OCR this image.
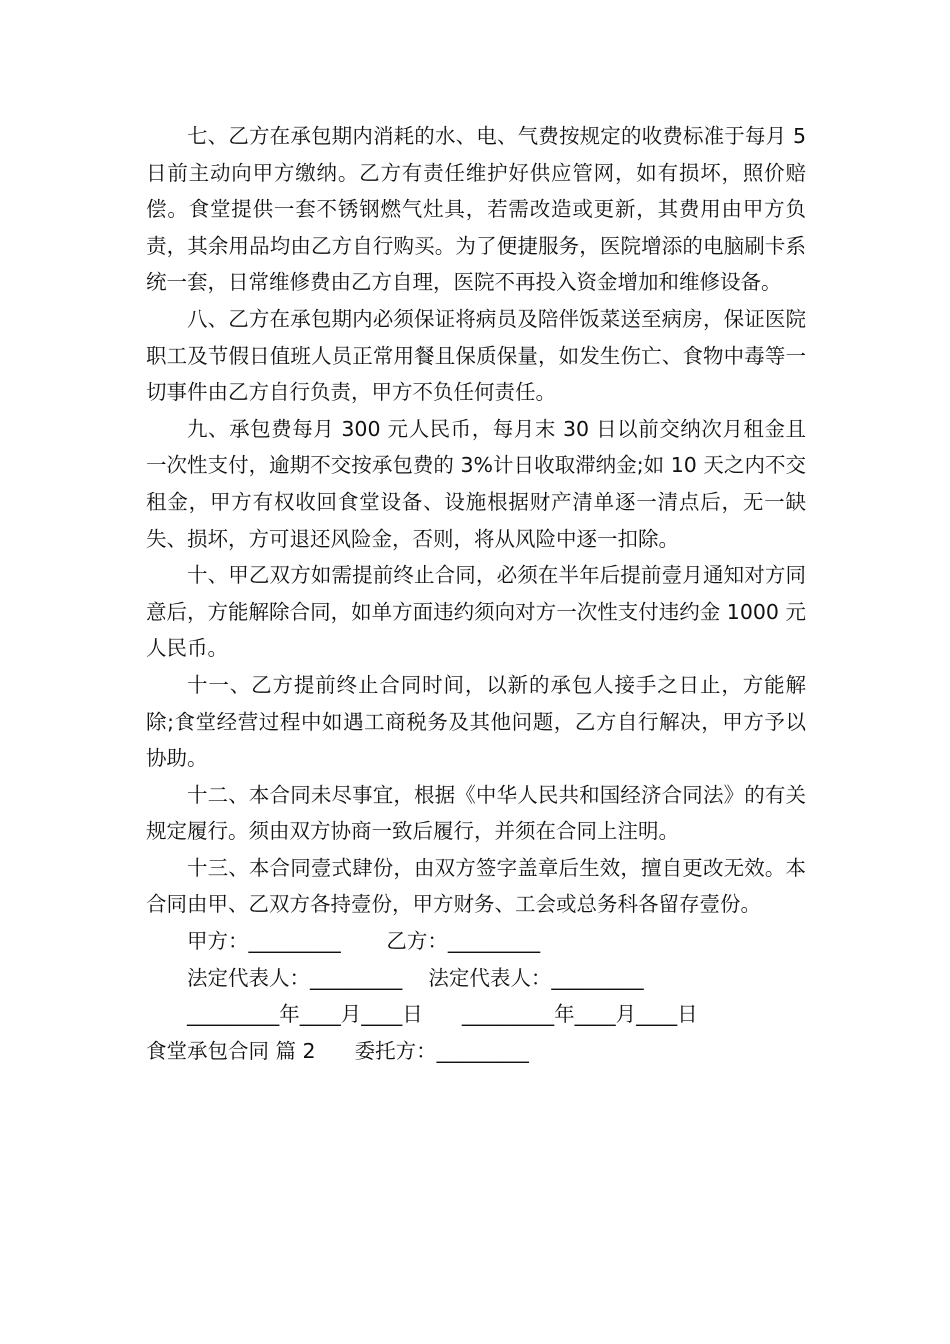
七、乙方在承包期内消耗的水、电、气费按规定的收费标准于每月 5 日前主动向甲方缴纳。乙方有责任维护好供应管网，如有损坏，照价赔偿。食堂提供一套不锈钢燃气灶具，若需改造或更新，其费用由甲方负责，其余用品均由乙方自行购买。为了便捷服务，医院增添的电脑刷卡系统一套，日常维修费由乙方自理，医院不再投入资金增加和维修设备。

八、乙方在承包期内必须保证将病员及陪伴饭菜送至病房，保证医院职工及节假日值班人员正常用餐且保质保量，如发生伤亡、食物中毒等一切事件由乙方自行负责，甲方不负任何责任。

九、承包费每月 300 元人民币，每月末 30 日以前交纳次月租金且一次性支付，逾期不交按承包费的 3%计日收取滞纳金;如 10 天之内不交租金，甲方有权收回食堂设备、设施根据财产清单逐一清点后，无一缺失、损坏，方可退还风险金，否则，将从风险中逐一扣除。

十、甲乙双方如需提前终止合同，必须在半年后提前壹月通知对方同意后，方能解除合同，如单方面违约须向对方一次性支付违约金 1000 元人民币。

十一、乙方提前终止合同时间，以新的承包人接手之日止，方能解除;食堂经营过程中如遇工商税务及其他问题，乙方自行解决，甲方予以协助。

十二、本合同未尽事宜，根据《中华人民共和国经济合同法》的有关规定履行。须由双方协商一致后履行，并须在合同上注明。

十三、本合同壹式肆份，由双方签字盖章后生效，擅自更改无效。本合同由甲、乙双方各持壹份，甲方财务、工会或总务科各留存壹份。

甲方：_________       乙方：_________

法定代表人：_________    法定代表人：_________

_________年____月____日      _________年____月____日

食堂承包合同 篇 2      委托方：_________
